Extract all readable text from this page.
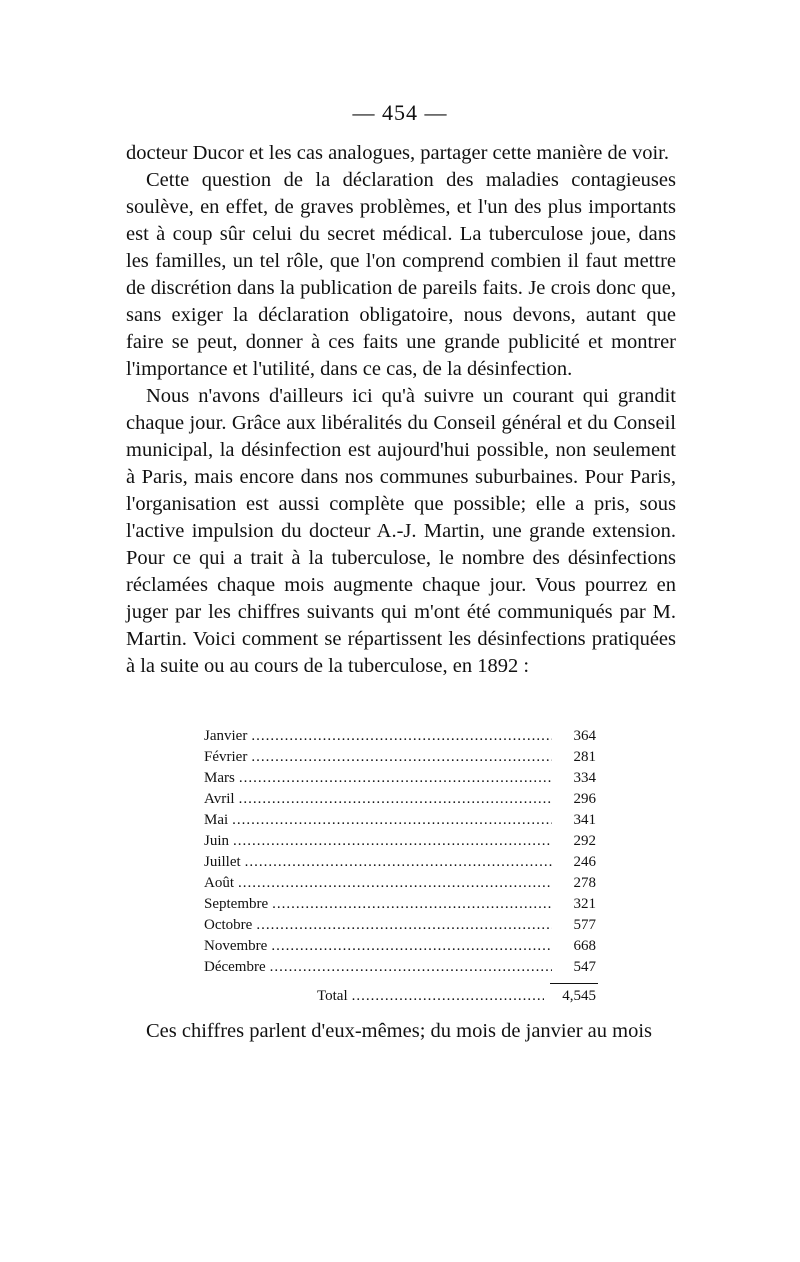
— 454 —

docteur Ducor et les cas analogues, partager cette manière de voir.

Cette question de la déclaration des maladies contagieuses soulève, en effet, de graves problèmes, et l'un des plus importants est à coup sûr celui du secret médical. La tuberculose joue, dans les familles, un tel rôle, que l'on comprend combien il faut mettre de discrétion dans la publication de pareils faits. Je crois donc que, sans exiger la déclaration obligatoire, nous devons, autant que faire se peut, donner à ces faits une grande publicité et montrer l'importance et l'utilité, dans ce cas, de la désinfection.

Nous n'avons d'ailleurs ici qu'à suivre un courant qui grandit chaque jour. Grâce aux libéralités du Conseil général et du Conseil municipal, la désinfection est aujourd'hui possible, non seulement à Paris, mais encore dans nos communes suburbaines. Pour Paris, l'organisation est aussi complète que possible; elle a pris, sous l'active impulsion du docteur A.-J. Martin, une grande extension. Pour ce qui a trait à la tuberculose, le nombre des désinfections réclamées chaque mois augmente chaque jour. Vous pourrez en juger par les chiffres suivants qui m'ont été communiqués par M. Martin. Voici comment se répartissent les désinfections pratiquées à la suite ou au cours de la tuberculose, en 1892 :

Janvier .....	364
Février .....	281
Mars .....	334
Avril .....	296
Mai .....	341
Juin .....	292
Juillet .....	246
Août .....	278
Septembre .....	321
Octobre .....	577
Novembre .....	668
Décembre .....	547
Total .....	4,545
Ces chiffres parlent d'eux-mêmes; du mois de janvier au mois
